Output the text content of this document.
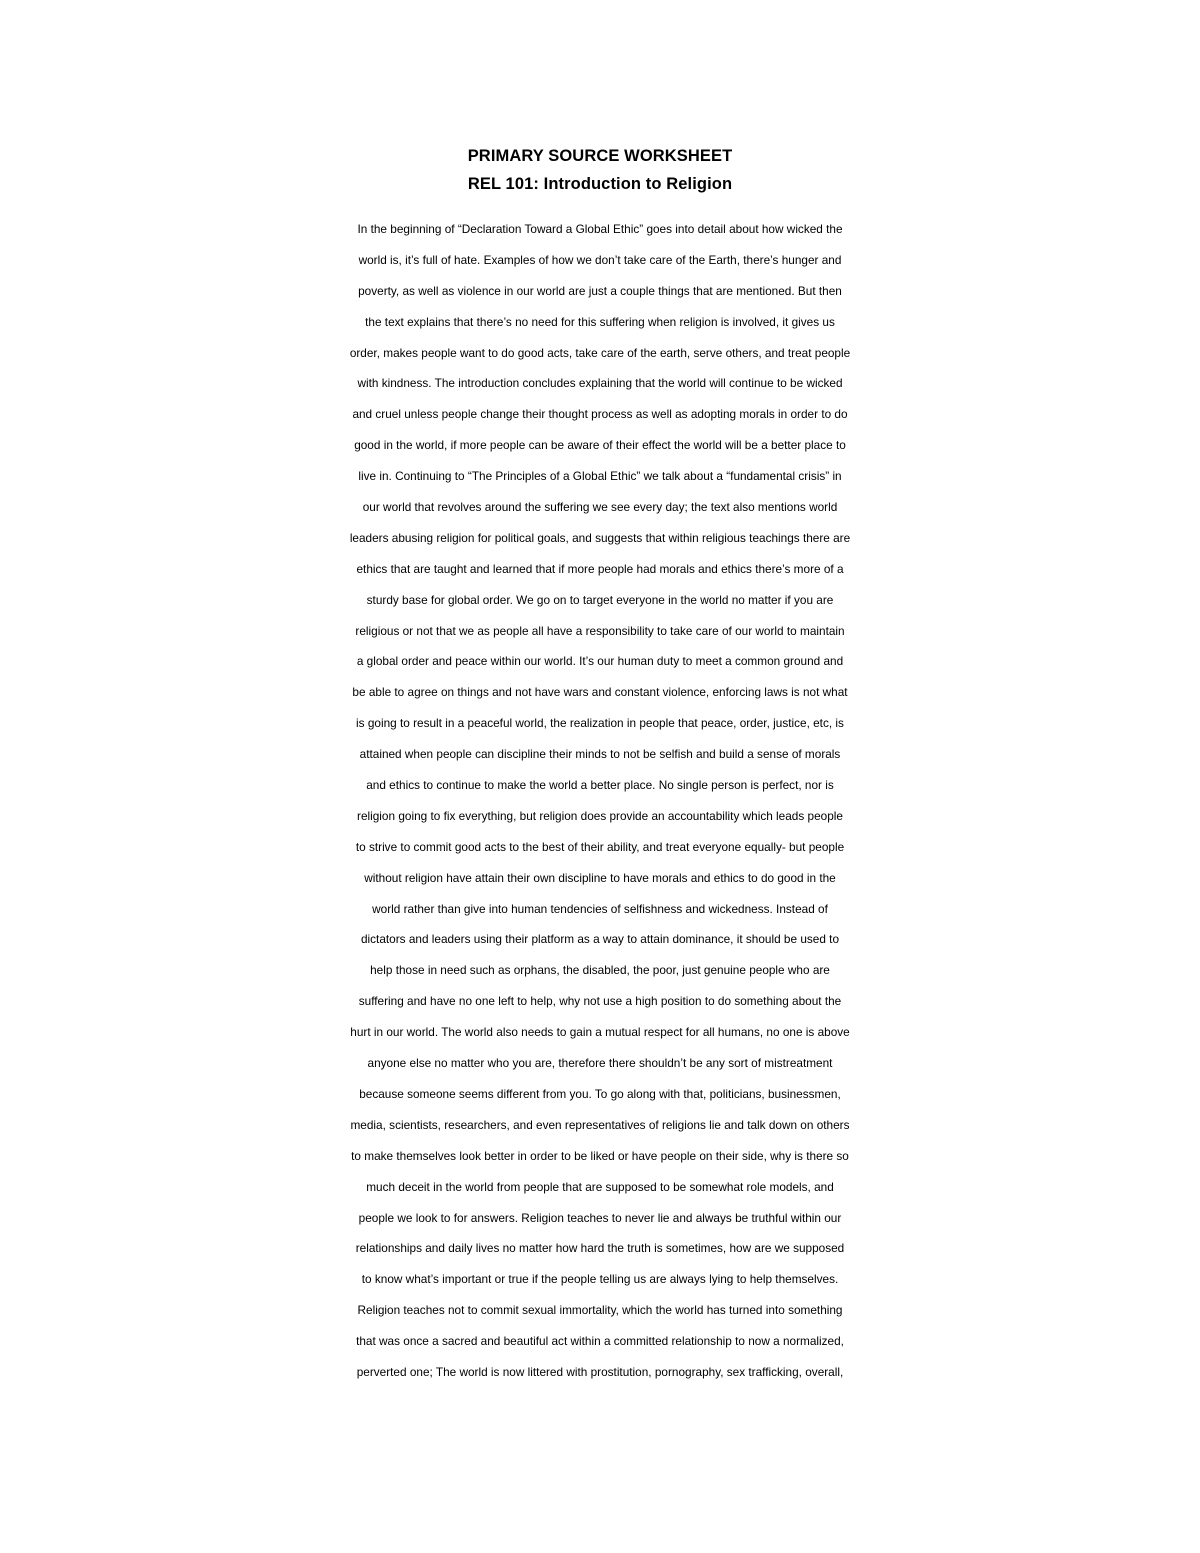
PRIMARY SOURCE WORKSHEET
REL 101: Introduction to Religion
In the beginning of “Declaration Toward a Global Ethic” goes into detail about how wicked the
world is, it’s full of hate. Examples of how we don’t take care of the Earth, there’s hunger and
poverty, as well as violence in our world are just a couple things that are mentioned. But then
the text explains that there’s no need for this suffering when religion is involved, it gives us
order, makes people want to do good acts, take care of the earth, serve others, and treat people
with kindness. The introduction concludes explaining that the world will continue to be wicked
and cruel unless people change their thought process as well as adopting morals in order to do
good in the world, if more people can be aware of their effect the world will be a better place to
live in. Continuing to “The Principles of a Global Ethic” we talk about a “fundamental crisis” in
our world that revolves around the suffering we see every day; the text also mentions world
leaders abusing religion for political goals, and suggests that within religious teachings there are
ethics that are taught and learned that if more people had morals and ethics there’s more of a
sturdy base for global order. We go on to target everyone in the world no matter if you are
religious or not that we as people all have a responsibility to take care of our world to maintain
a global order and peace within our world. It’s our human duty to meet a common ground and
be able to agree on things and not have wars and constant violence, enforcing laws is not what
is going to result in a peaceful world, the realization in people that peace, order, justice, etc, is
attained when people can discipline their minds to not be selfish and build a sense of morals
and ethics to continue to make the world a better place. No single person is perfect, nor is
religion going to fix everything, but religion does provide an accountability which leads people
to strive to commit good acts to the best of their ability, and treat everyone equally- but people
without religion have attain their own discipline to have morals and ethics to do good in the
world rather than give into human tendencies of selfishness and wickedness. Instead of
dictators and leaders using their platform as a way to attain dominance, it should be used to
help those in need such as orphans, the disabled, the poor, just genuine people who are
suffering and have no one left to help, why not use a high position to do something about the
hurt in our world. The world also needs to gain a mutual respect for all humans, no one is above
anyone else no matter who you are, therefore there shouldn’t be any sort of mistreatment
because someone seems different from you. To go along with that, politicians, businessmen,
media, scientists, researchers, and even representatives of religions lie and talk down on others
to make themselves look better in order to be liked or have people on their side, why is there so
much deceit in the world from people that are supposed to be somewhat role models, and
people we look to for answers. Religion teaches to never lie and always be truthful within our
relationships and daily lives no matter how hard the truth is sometimes, how are we supposed
to know what’s important or true if the people telling us are always lying to help themselves.
Religion teaches not to commit sexual immortality, which the world has turned into something
that was once a sacred and beautiful act within a committed relationship to now a normalized,
perverted one; The world is now littered with prostitution, pornography, sex trafficking, overall,
